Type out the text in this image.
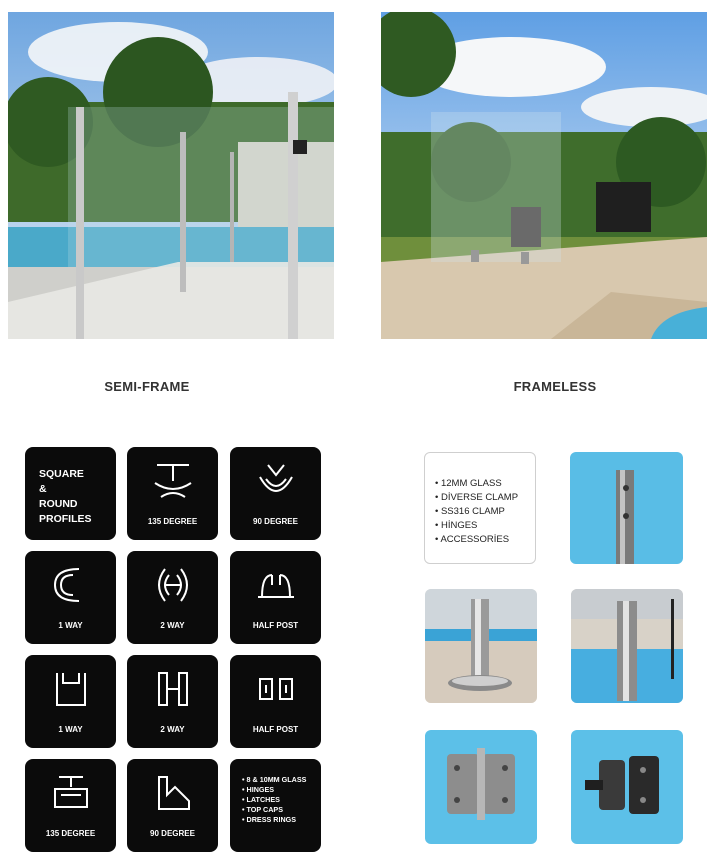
SEMI-FRAME	FRAMELESS
SQUARE
&
ROUND
PROFILES	135 DEGREE	90 DEGREE
1 WAY	2 WAY	HALF POST
1 WAY	2 WAY	HALF POST
135 DEGREE	90 DEGREE
• 8 & 10MM GLASS
• HINGES
• LATCHES
• TOP CAPS
• DRESS RINGS
• 12MM GLASS
• DİVERSE CLAMP
• SS316 CLAMP
• HİNGES
• ACCESSORİES
